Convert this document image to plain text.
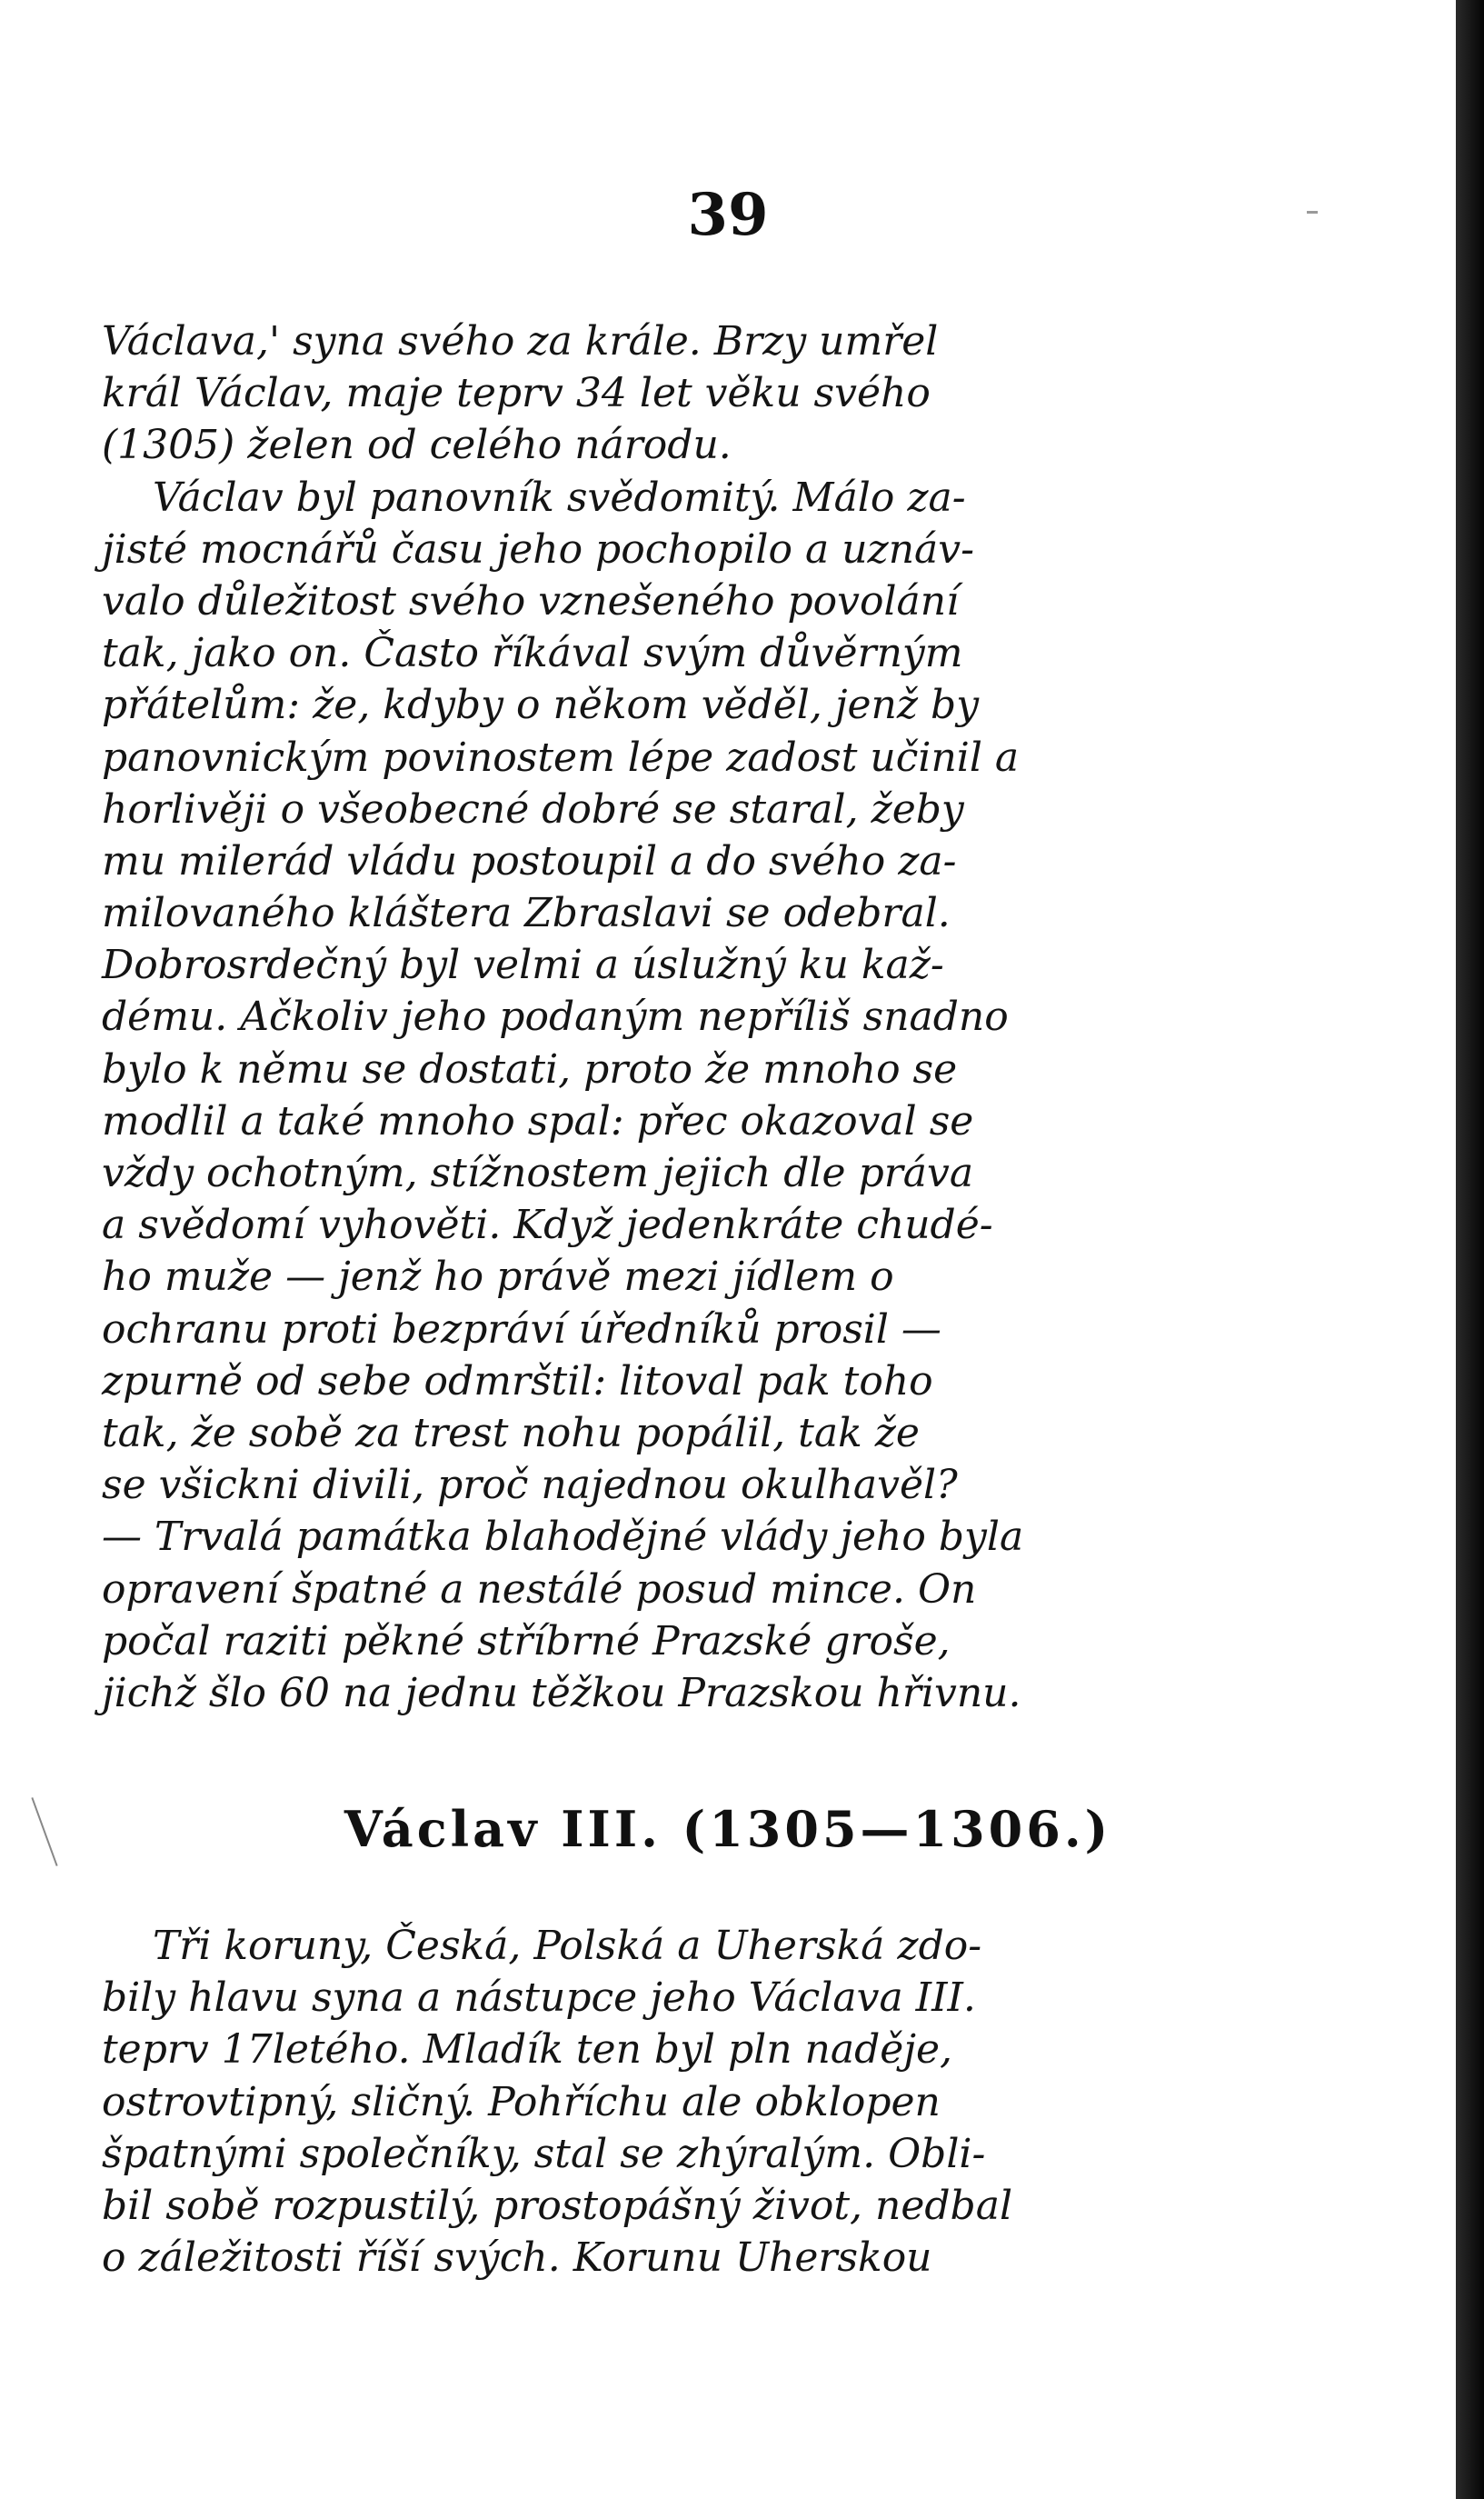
39
Václava,' syna svého za krále. Brzy umřel
král Václav, maje teprv 34 let věku svého
(1305) želen od celého národu.
Václav byl panovník svědomitý. Málo za-
jisté mocnářů času jeho pochopilo a uznáv-
valo důležitost svého vznešeného povolání
tak, jako on. Často říkával svým důvěrným
přátelům: že, kdyby o někom věděl, jenž by
panovnickým povinostem lépe zadost učinil a
horlivěji o všeobecné dobré se staral, žeby
mu milerád vládu postoupil a do svého za-
milovaného kláštera Zbraslavi se odebral.
Dobrosrdečný byl velmi a úslužný ku kaž-
dému. Ačkoliv jeho podaným nepříliš snadno
bylo k němu se dostati, proto že mnoho se
modlil a také mnoho spal: přec okazoval se
vždy ochotným, stížnostem jejich dle práva
a svědomí vyhověti. Když jedenkráte chudé-
ho muže — jenž ho právě mezi jídlem o
ochranu proti bezpráví úředníků prosil —
zpurně od sebe odmrštil: litoval pak toho
tak, že sobě za trest nohu popálil, tak že
se všickni divili, proč najednou okulhavěl?
— Trvalá památka blahodějné vlády jeho byla
opravení špatné a nestálé posud mince. On
počal raziti pěkné stříbrné Prazské groše,
jichž šlo 60 na jednu těžkou Prazskou hřivnu.
Václav III. (1305—1306.)
Tři koruny, Česká, Polská a Uherská zdo-
bily hlavu syna a nástupce jeho Václava III.
teprv 17letého. Mladík ten byl pln naděje,
ostrovtipný, sličný. Pohříchu ale obklopen
špatnými společníky, stal se zhýralým. Obli-
bil sobě rozpustilý, prostopášný život, nedbal
o záležitosti říší svých. Korunu Uherskou
